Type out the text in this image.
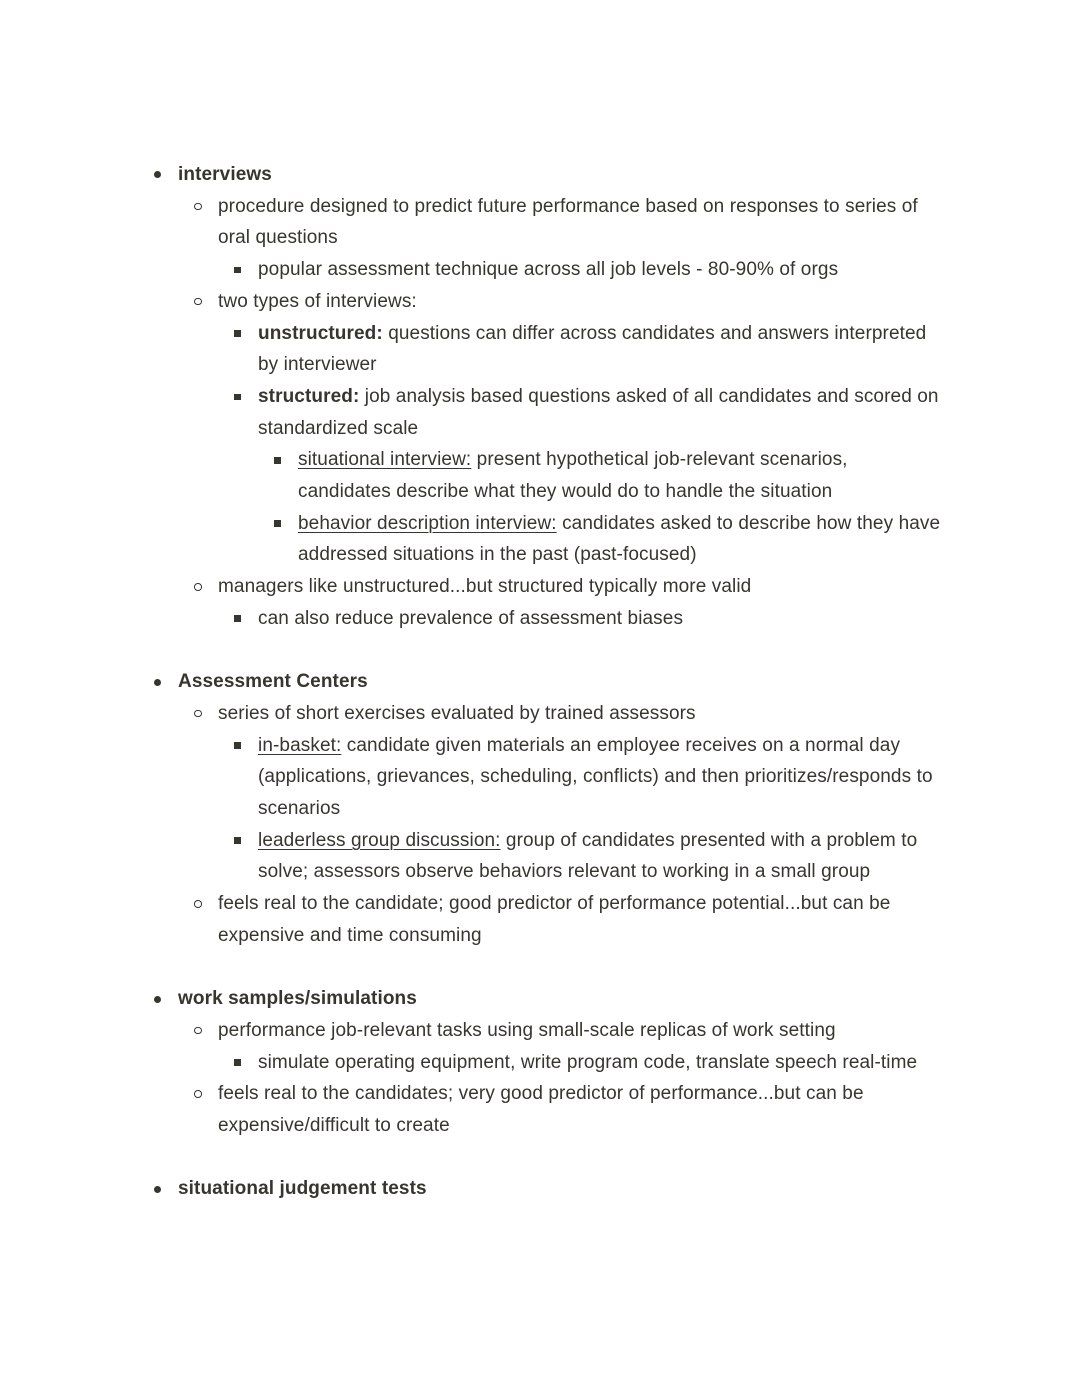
interviews
procedure designed to predict future performance based on responses to series of oral questions
popular assessment technique across all job levels - 80-90% of orgs
two types of interviews:
unstructured: questions can differ across candidates and answers interpreted by interviewer
structured: job analysis based questions asked of all candidates and scored on standardized scale
situational interview: present hypothetical job-relevant scenarios, candidates describe what they would do to handle the situation
behavior description interview: candidates asked to describe how they have addressed situations in the past (past-focused)
managers like unstructured...but structured typically more valid
can also reduce prevalence of assessment biases
Assessment Centers
series of short exercises evaluated by trained assessors
in-basket: candidate given materials an employee receives on a normal day (applications, grievances, scheduling, conflicts) and then prioritizes/responds to scenarios
leaderless group discussion: group of candidates presented with a problem to solve; assessors observe behaviors relevant to working in a small group
feels real to the candidate; good predictor of performance potential...but can be expensive and time consuming
work samples/simulations
performance job-relevant tasks using small-scale replicas of work setting
simulate operating equipment, write program code, translate speech real-time
feels real to the candidates; very good predictor of performance...but can be expensive/difficult to create
situational judgement tests
